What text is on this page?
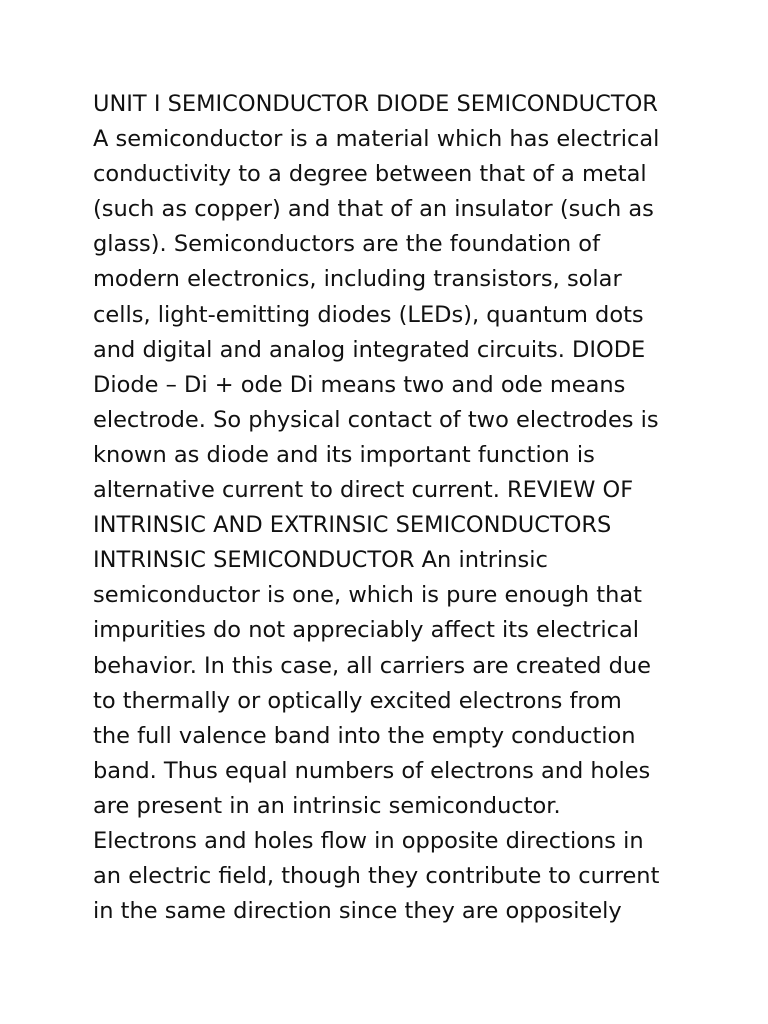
UNIT I SEMICONDUCTOR DIODE SEMICONDUCTOR
A semiconductor is a material which has electrical
conductivity to a degree between that of a metal
(such as copper) and that of an insulator (such as
glass). Semiconductors are the foundation of
modern electronics, including transistors, solar
cells, light-emitting diodes (LEDs), quantum dots
and digital and analog integrated circuits. DIODE
Diode – Di + ode Di means two and ode means
electrode. So physical contact of two electrodes is
known as diode and its important function is
alternative current to direct current. REVIEW OF
INTRINSIC AND EXTRINSIC SEMICONDUCTORS
INTRINSIC SEMICONDUCTOR An intrinsic
semiconductor is one, which is pure enough that
impurities do not appreciably affect its electrical
behavior. In this case, all carriers are created due
to thermally or optically excited electrons from
the full valence band into the empty conduction
band. Thus equal numbers of electrons and holes
are present in an intrinsic semiconductor.
Electrons and holes flow in opposite directions in
an electric field, though they contribute to current
in the same direction since they are oppositely
